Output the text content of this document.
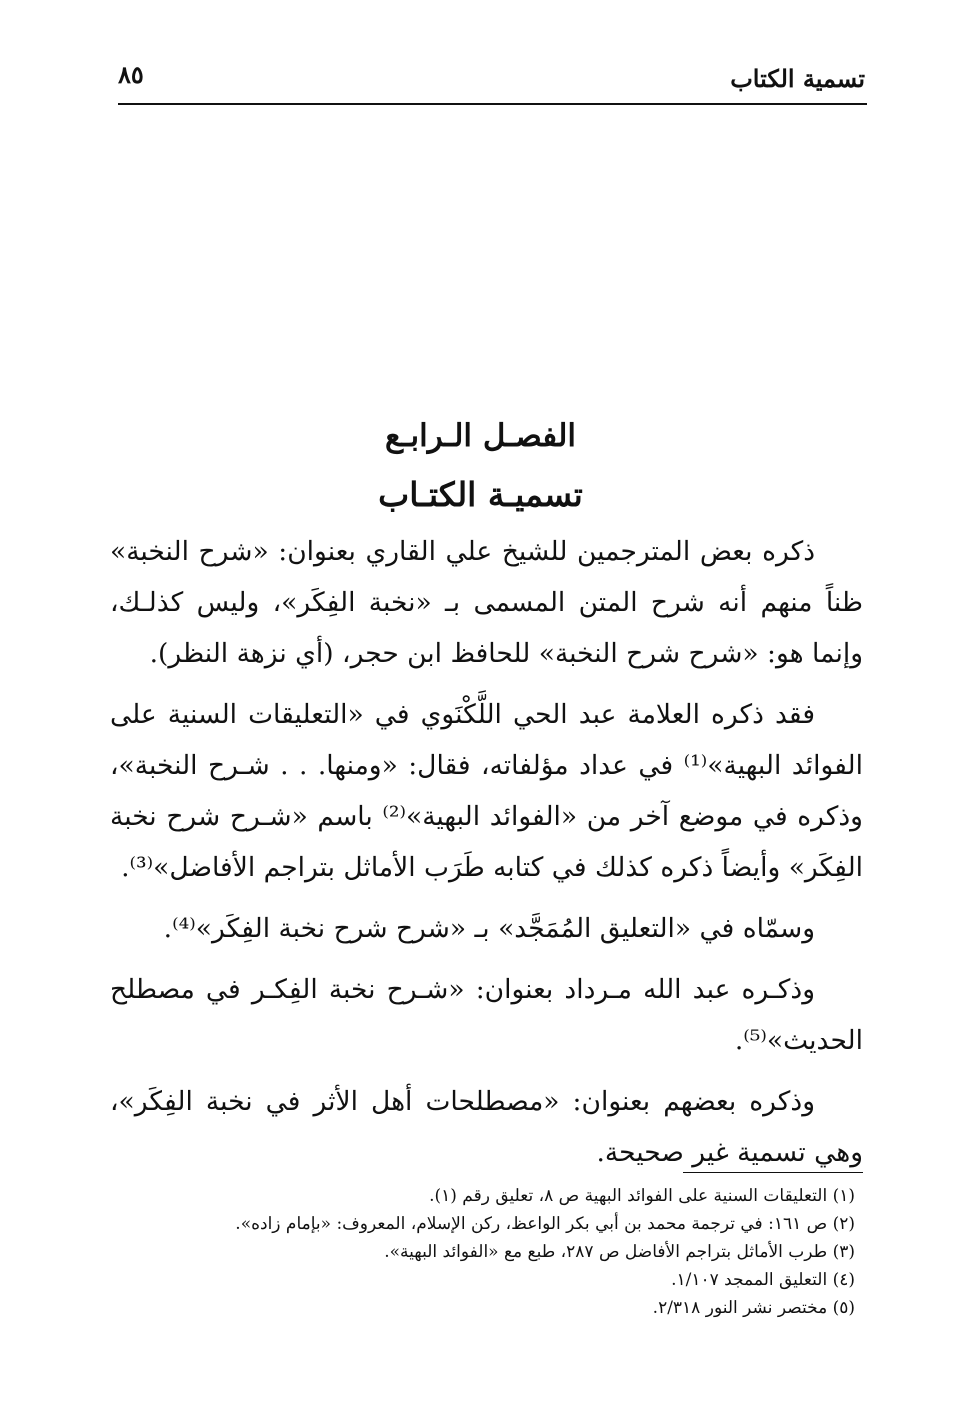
تسمية الكتاب
٨٥
الفصـل الـرابـع
تسميـة الكتـاب

ذكره بعض المترجمين للشيخ علي القاري بعنوان: «شرح النخبة» ظناً منهم أنه شرح المتن المسمى بـ «نخبة الفِكَر»، وليس كذلـك، وإنما هو: «شرح شرح النخبة» للحافظ ابن حجر، (أي نزهة النظر).

فقد ذكره العلامة عبد الحي اللَّكْنَوي في «التعليقات السنية على الفوائد البهية»⁽¹⁾ في عداد مؤلفاته، فقال: «ومنها. . . شـرح النخبة»، وذكره في موضع آخر من «الفوائد البهية»⁽²⁾ باسم «شـرح شرح نخبة الفِكَر» وأيضاً ذكره كذلك في كتابه طَرَب الأماثل بتراجم الأفاضل»⁽³⁾.

وسمّاه في «التعليق المُمَجَّد» بـ «شرح شرح نخبة الفِكَر»⁽⁴⁾.

وذكـره عبد الله مـرداد بعنوان: «شـرح نخبة الفِكـر في مصطلح الحديث»⁽⁵⁾.

وذكره بعضهم بعنوان: «مصطلحات أهل الأثر في نخبة الفِكَر»، وهي تسمية غير صحيحة.

(١) التعليقات السنية على الفوائد البهية ص ٨، تعليق رقم (١).

(٢) ص ١٦١: في ترجمة محمد بن أبي بكر الواعظ، ركن الإسلام، المعروف: «بإمام زاده».

(٣) طرب الأماثل بتراجم الأفاضل ص ٢٨٧، طبع مع «الفوائد البهية».

(٤) التعليق الممجد ١/١٠٧.

(٥) مختصر نشر النور ٢/٣١٨.
